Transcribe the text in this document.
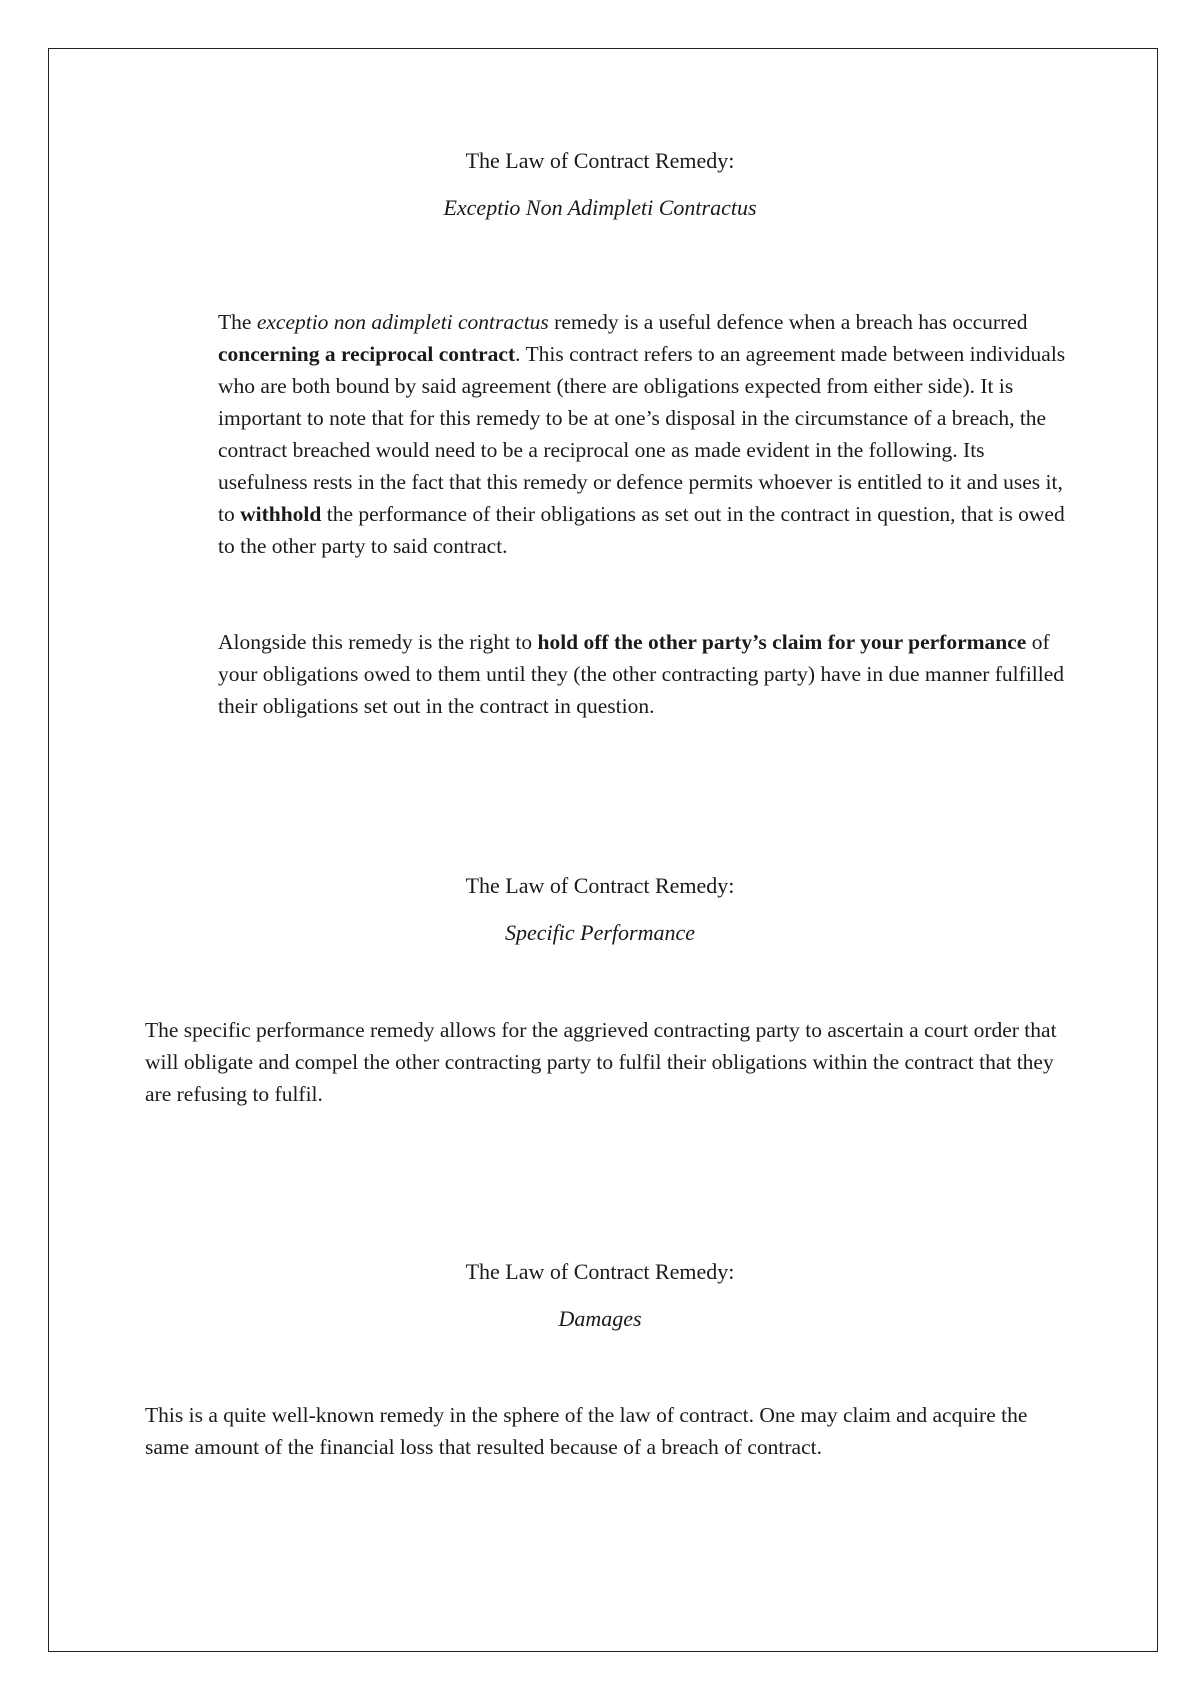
The Law of Contract Remedy:
Exceptio Non Adimpleti Contractus

The exceptio non adimpleti contractus remedy is a useful defence when a breach has occurred concerning a reciprocal contract. This contract refers to an agreement made between individuals who are both bound by said agreement (there are obligations expected from either side). It is important to note that for this remedy to be at one’s disposal in the circumstance of a breach, the contract breached would need to be a reciprocal one as made evident in the following. Its usefulness rests in the fact that this remedy or defence permits whoever is entitled to it and uses it, to withhold the performance of their obligations as set out in the contract in question, that is owed to the other party to said contract.

Alongside this remedy is the right to hold off the other party’s claim for your performance of your obligations owed to them until they (the other contracting party) have in due manner fulfilled their obligations set out in the contract in question.

The Law of Contract Remedy:
Specific Performance

The specific performance remedy allows for the aggrieved contracting party to ascertain a court order that will obligate and compel the other contracting party to fulfil their obligations within the contract that they are refusing to fulfil.

The Law of Contract Remedy:
Damages

This is a quite well-known remedy in the sphere of the law of contract. One may claim and acquire the same amount of the financial loss that resulted because of a breach of contract.
